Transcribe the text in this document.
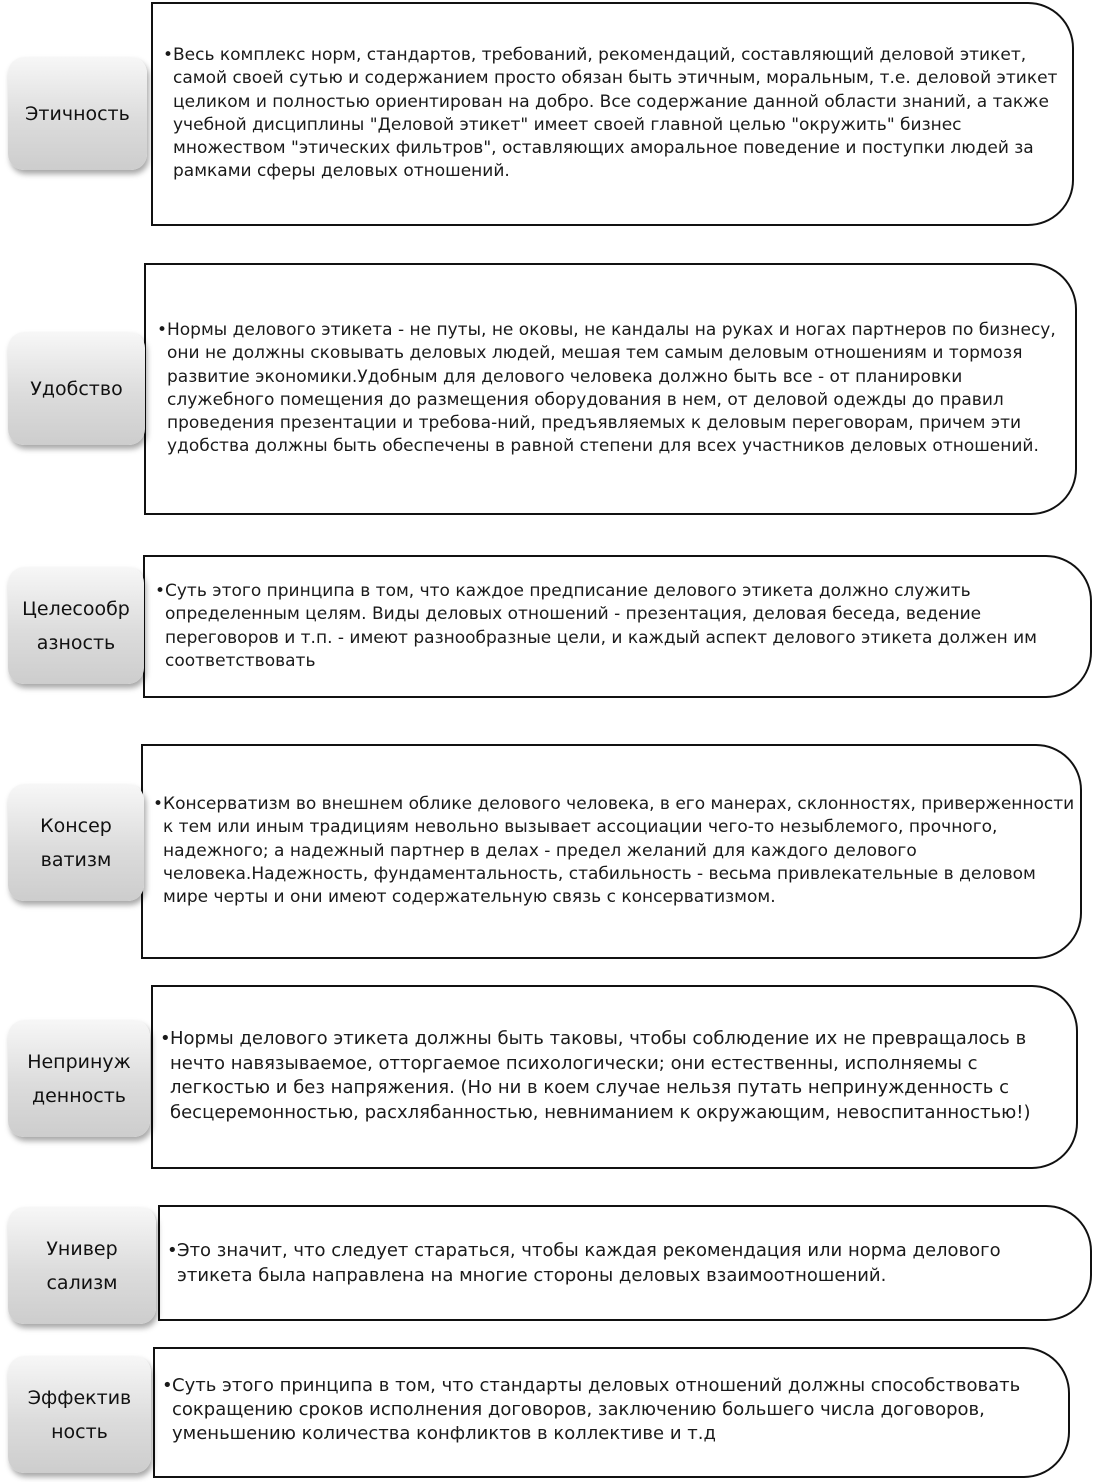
•Весь комплекс норм, стандартов, требований, рекомендаций, составляющий деловой этикет,
самой своей сутью и содержанием просто обязан быть этичным, моральным, т.е. деловой этикет
целиком и полностью ориентирован на добро. Все содержание данной области знаний, а также
учебной дисциплины "Деловой этикет" имеет своей главной целью "окружить" бизнес
множеством "этических фильтров", оставляющих аморальное поведение и поступки людей за
рамками сферы деловых отношений.
Этичность
•Нормы делового этикета - не путы, не оковы, не кандалы на руках и ногах партнеров по бизнесу,
они не должны сковывать деловых людей, мешая тем самым деловым отношениям и тормозя
развитие экономики.Удобным для делового человека должно быть все - от планировки
служебного помещения до размещения оборудования в нем, от деловой одежды до правил
проведения презентации и требова-ний, предъявляемых к деловым переговорам, причем эти
удобства должны быть обеспечены в равной степени для всех участников деловых отношений.
Удобство
•Суть этого принципа в том, что каждое предписание делового этикета должно служить
определенным целям. Виды деловых отношений - презентация, деловая беседа, ведение
переговоров и т.п. - имеют разнообразные цели, и каждый аспект делового этикета должен им
соответствовать
Целесообр
азность
•Консерватизм во внешнем облике делового человека, в его манерах, склонностях, приверженности
к тем или иным традициям невольно вызывает ассоциации чего-то незыблемого, прочного,
надежного; а надежный партнер в делах - предел желаний для каждого делового
человека.Надежность, фундаментальность, стабильность - весьма привлекательные в деловом
мире черты и они имеют содержательную связь с консерватизмом.
Консер
ватизм
•Нормы делового этикета должны быть таковы, чтобы соблюдение их не превращалось в
нечто навязываемое, отторгаемое психологически; они естественны, исполняемы с
легкостью и без напряжения. (Но ни в коем случае нельзя путать непринужденность с
бесцеремонностью, расхлябанностью, невниманием к окружающим, невоспитанностью!)
Непринуж
денность
•Это значит, что следует стараться, чтобы каждая рекомендация или норма делового
этикета была направлена на многие стороны деловых взаимоотношений.
Универ
сализм
•Суть этого принципа в том, что стандарты деловых отношений должны способствовать
сокращению сроков исполнения договоров, заключению большего числа договоров,
уменьшению количества конфликтов в коллективе и т.д
Эффектив
ность
